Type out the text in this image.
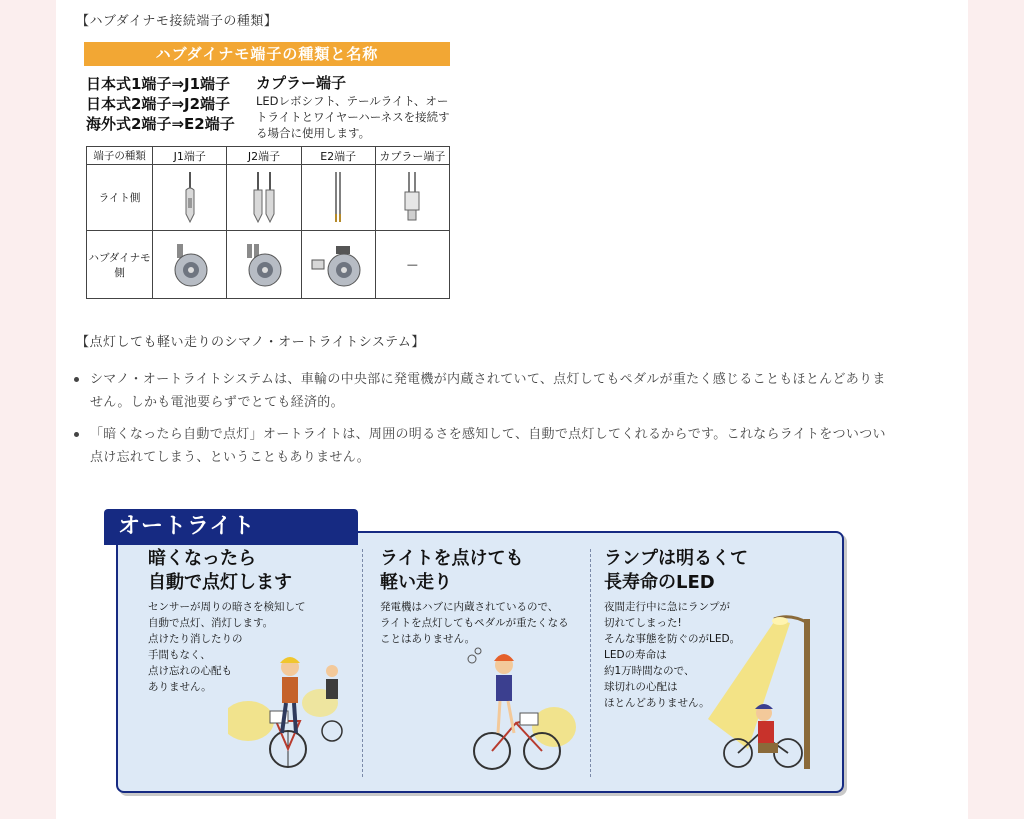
【ハブダイナモ接続端子の種類】
ハブダイナモ端子の種類と名称
日本式1端子⇒J1端子
日本式2端子⇒J2端子
海外式2端子⇒E2端子
カプラー端子
LEDレボシフト、テールライト、オートライトとワイヤーハーネスを接続する場合に使用します。
端子の種類	J1端子	J2端子	E2端子	カプラー端子
ライト側	

ハブダイナモ側				—
【点灯しても軽い走りのシマノ・オートライトシステム】
シマノ・オートライトシステムは、車輪の中央部に発電機が内蔵されていて、点灯してもペダルが重たく感じることもほとんどありません。しかも電池要らずでとても経済的。
「暗くなったら自動で点灯」オートライトは、周囲の明るさを感知して、自動で点灯してくれるからです。これならライトをついつい点け忘れてしまう、ということもありません。
暗くなったら
自動で点灯します
センサーが周りの暗さを検知して
自動で点灯、消灯します。
点けたり消したりの
手間もなく、
点け忘れの心配も
ありません。
ライトを点けても
軽い走り
発電機はハブに内蔵されているので、
ライトを点灯してもペダルが重たくなる
ことはありません。
ランプは明るくて
長寿命のLED
夜間走行中に急にランプが
切れてしまった!
そんな事態を防ぐのがLED。
LEDの寿命は
約1万時間なので、
球切れの心配は
ほとんどありません。
オートライト
